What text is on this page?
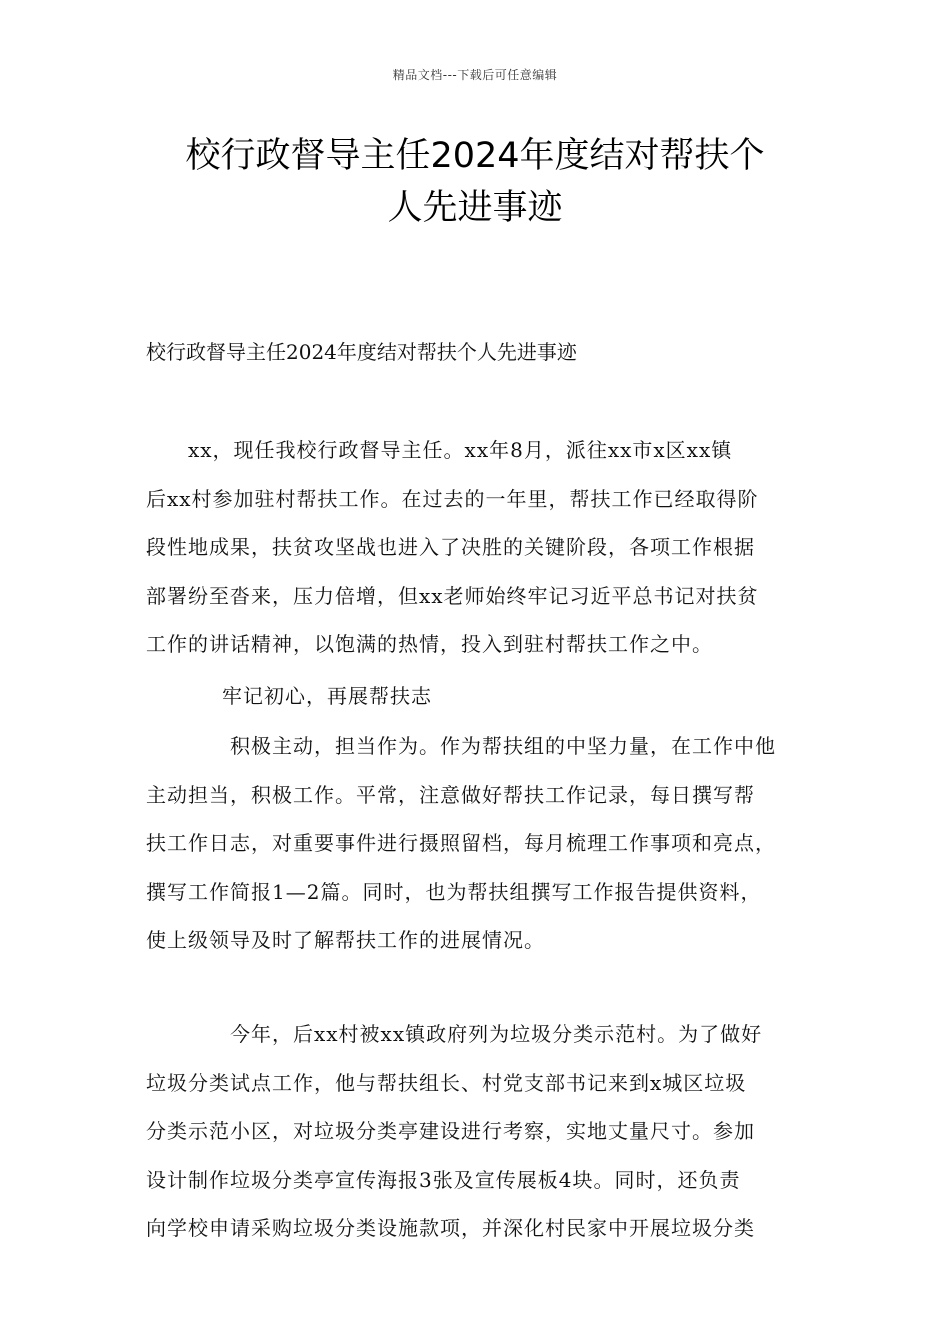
精品文档---下载后可任意编辑
校行政督导主任2024年度结对帮扶个
人先进事迹
校行政督导主任2024年度结对帮扶个人先进事迹
　　xx，现任我校行政督导主任。xx年8月，派往xx市x区xx镇
后xx村参加驻村帮扶工作。在过去的一年里，帮扶工作已经取得阶
段性地成果，扶贫攻坚战也进入了决胜的关键阶段，各项工作根据
部署纷至沓来，压力倍增，但xx老师始终牢记习近平总书记对扶贫
工作的讲话精神，以饱满的热情，投入到驻村帮扶工作之中。
牢记初心，再展帮扶志
　　　　积极主动，担当作为。作为帮扶组的中坚力量，在工作中他
主动担当，积极工作。平常，注意做好帮扶工作记录，每日撰写帮
扶工作日志，对重要事件进行摄照留档，每月梳理工作事项和亮点，
撰写工作简报1—2篇。同时，也为帮扶组撰写工作报告提供资料，
使上级领导及时了解帮扶工作的进展情况。
　　　　今年，后xx村被xx镇政府列为垃圾分类示范村。为了做好
垃圾分类试点工作，他与帮扶组长、村党支部书记来到x城区垃圾
分类示范小区，对垃圾分类亭建设进行考察，实地丈量尺寸。参加
设计制作垃圾分类亭宣传海报3张及宣传展板4块。同时，还负责
向学校申请采购垃圾分类设施款项，并深化村民家中开展垃圾分类
